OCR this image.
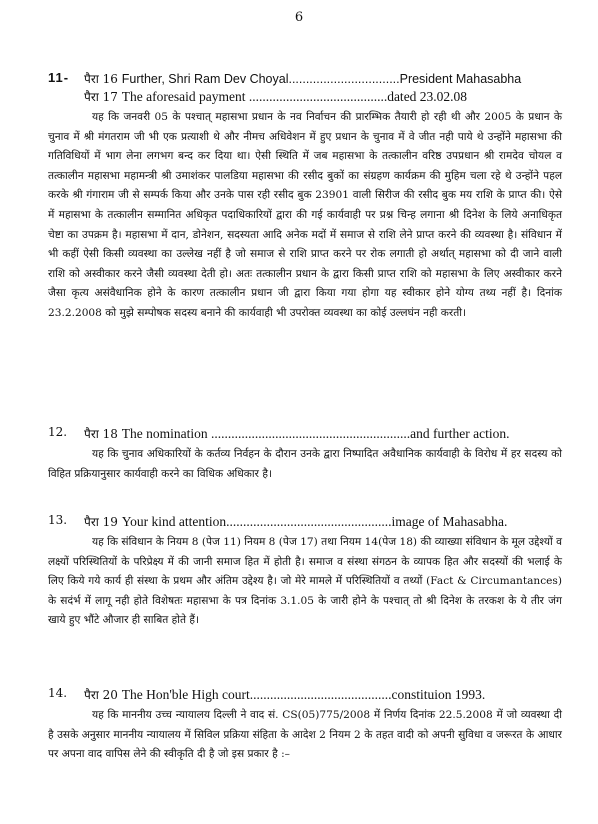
6
11- पैरा 16 Further, Shri Ram Dev Choyal................................President Mahasabha
पैरा 17 The aforesaid payment .........................................dated 23.02.08
यह कि जनवरी 05 के पश्चात् महासभा प्रधान के नव निर्वाचन की प्रारम्भिक तैयारी हो रही थी और 2005 के प्रधान के चुनाव में श्री मंगतराम जी भी एक प्रत्याशी थे और नीमच अधिवेशन में हुए प्रधान के चुनाव में वे जीत नही पाये थे उन्होंने महासभा की गतिविधियों में भाग लेना लगभग बन्द कर दिया था। ऐसी स्थिति में जब महासभा के तत्कालीन वरिष्ठ उपप्रधान श्री रामदेव चोयल व तत्कालीन महासभा महामन्त्री श्री उमाशंकर पालडिया महासभा की रसीद बुकों का संग्रहण कार्यक्रम की मुहिम चला रहे थे उन्होंने पहल करके श्री गंगाराम जी से सम्पर्क किया और उनके पास रही रसीद बुक 23901 वाली सिरीज की रसीद बुक मय राशि के प्राप्त की। ऐसे में महासभा के तत्कालीन सम्मानित अधिकृत पदाधिकारियों द्वारा की गई कार्यवाही पर प्रश्न चिन्ह लगाना श्री दिनेश के लिये अनाधिकृत चेष्टा का उपक्रम है। महासभा में दान, डोनेशन, सदस्यता आदि अनेक मदों में समाज से राशि लेने प्राप्त करने की व्यवस्था है। संविधान में भी कहीं ऐसी किसी व्यवस्था का उल्लेख नहीं है जो समाज से राशि प्राप्त करने पर रोक लगाती हो अर्थात् महासभा को दी जाने वाली राशि को अस्वीकार करने जैसी व्यवस्था देती हो। अतः तत्कालीन प्रधान के द्वारा किसी प्राप्त राशि को महासभा के लिए अस्वीकार करने जैसा कृत्य असंवैधानिक होने के कारण तत्कालीन प्रधान जी द्वारा किया गया होगा यह स्वीकार होने योग्य तथ्य नहीं है। दिनांक 23.2.2008 को मुझे सम्पोषक सदस्य बनाने की कार्यवाही भी उपरोक्त व्यवस्था का कोई उल्लघंन नही करती।
12. पैरा 18 The nomination ...........................................................and further action.
यह कि चुनाव अधिकारियों के कर्तव्य निर्वहन के दौरान उनके द्वारा निष्पादित अवैधानिक कार्यवाही के विरोध में हर सदस्य को विहित प्रक्रियानुसार कार्यवाही करने का विधिक अधिकार है।
13. पैरा 19 Your kind attention.................................................image of Mahasabha.
यह कि संविधान के नियम 8 (पेज 11) नियम 8 (पेज 17) तथा नियम 14(पेज 18) की व्याख्या संविधान के मूल उद्देश्यों व लक्ष्यों परिस्थितियों के परिप्रेक्ष्य में की जानी समाज हित में होती है। समाज व संस्था संगठन के व्यापक हित और सदस्यों की भलाई के लिए किये गये कार्य ही संस्था के प्रथम और अंतिम उद्देश्य है। जो मेरे मामले में परिस्थितियों व तथ्यों (Fact & Circumantances) के सदंर्भ में लागू नही होते विशेषतः महासभा के पत्र दिनांक 3.1.05 के जारी होने के पश्चात् तो श्री दिनेश के तरकश के ये तीर जंग खाये हुए भौंटे औजार ही साबित होते हैं।
14. पैरा 20 The Hon'ble High court..........................................constituion 1993.
यह कि माननीय उच्च न्यायालय दिल्ली ने वाद सं. CS(05)775/2008 में निर्णय दिनांक 22.5.2008 में जो व्यवस्था दी है उसके अनुसार माननीय न्यायालय में सिविल प्रक्रिया संहिता के आदेश 2 नियम 2 के तहत वादी को अपनी सुविधा व जरूरत के आधार पर अपना वाद वापिस लेने की स्वीकृति दी है जो इस प्रकार है :–
